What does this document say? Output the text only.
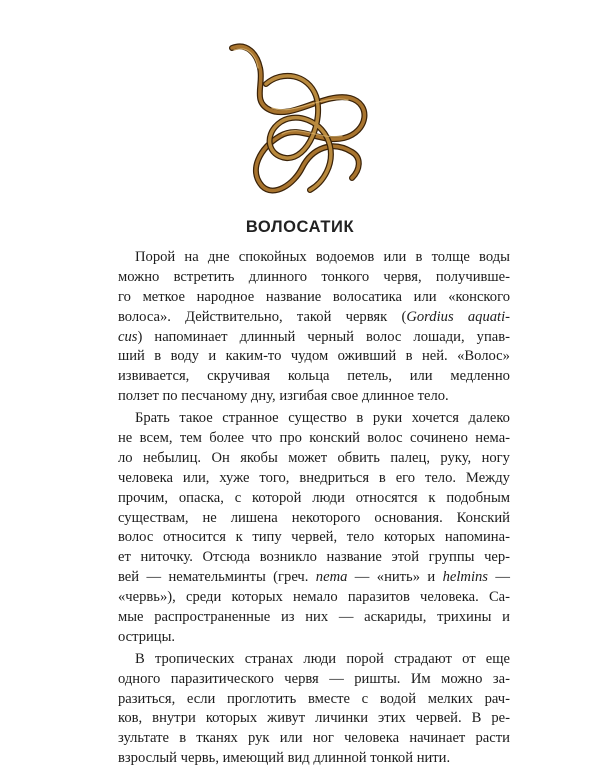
ВОЛОСАТИК
Порой на дне спокойных водоемов или в толще воды
можно встретить длинного тонкого червя, получивше-
го меткое народное название волосатика или «конского
волоса». Действительно, такой червяк (Gordius aquati-
cus) напоминает длинный черный волос лошади, упав-
ший в воду и каким-то чудом оживший в ней. «Волос»
извивается, скручивая кольца петель, или медленно
ползет по песчаному дну, изгибая свое длинное тело.
Брать такое странное существо в руки хочется далеко
не всем, тем более что про конский волос сочинено нема-
ло небылиц. Он якобы может обвить палец, руку, ногу
человека или, хуже того, внедриться в его тело. Между
прочим, опаска, с которой люди относятся к подобным
существам, не лишена некоторого основания. Конский
волос относится к типу червей, тело которых напомина-
ет ниточку. Отсюда возникло название этой группы чер-
вей — немательминты (греч. nema — «нить» и helmins —
«червь»), среди которых немало паразитов человека. Са-
мые распространенные из них — аскариды, трихины и
острицы.
В тропических странах люди порой страдают от еще
одного паразитического червя — ришты. Им можно за-
разиться, если проглотить вместе с водой мелких рач-
ков, внутри которых живут личинки этих червей. В ре-
зультате в тканях рук или ног человека начинает расти
взрослый червь, имеющий вид длинной тонкой нити.
